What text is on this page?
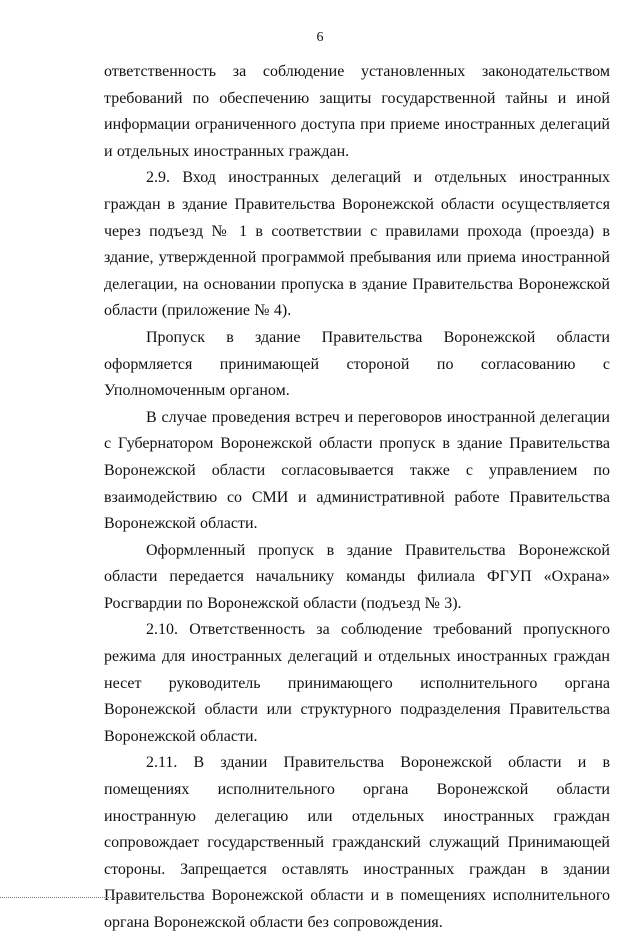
6

ответственность за соблюдение установленных законодательством требований по обеспечению защиты государственной тайны и иной информации ограниченного доступа при приеме иностранных делегаций и отдельных иностранных граждан.

2.9. Вход иностранных делегаций и отдельных иностранных граждан в здание Правительства Воронежской области осуществляется через подъезд № 1 в соответствии с правилами прохода (проезда) в здание, утвержденной программой пребывания или приема иностранной делегации, на основании пропуска в здание Правительства Воронежской области (приложение № 4).

Пропуск в здание Правительства Воронежской области оформляется принимающей стороной по согласованию с Уполномоченным органом.

В случае проведения встреч и переговоров иностранной делегации с Губернатором Воронежской области пропуск в здание Правительства Воронежской области согласовывается также с управлением по взаимодействию со СМИ и административной работе Правительства Воронежской области.

Оформленный пропуск в здание Правительства Воронежской области передается начальнику команды филиала ФГУП «Охрана» Росгвардии по Воронежской области (подъезд № 3).

2.10. Ответственность за соблюдение требований пропускного режима для иностранных делегаций и отдельных иностранных граждан несет руководитель принимающего исполнительного органа Воронежской области или структурного подразделения Правительства Воронежской области.

2.11. В здании Правительства Воронежской области и в помещениях исполнительного органа Воронежской области иностранную делегацию или отдельных иностранных граждан сопровождает государственный гражданский служащий Принимающей стороны. Запрещается оставлять иностранных граждан в здании Правительства Воронежской области и в помещениях исполнительного органа Воронежской области без сопровождения.
